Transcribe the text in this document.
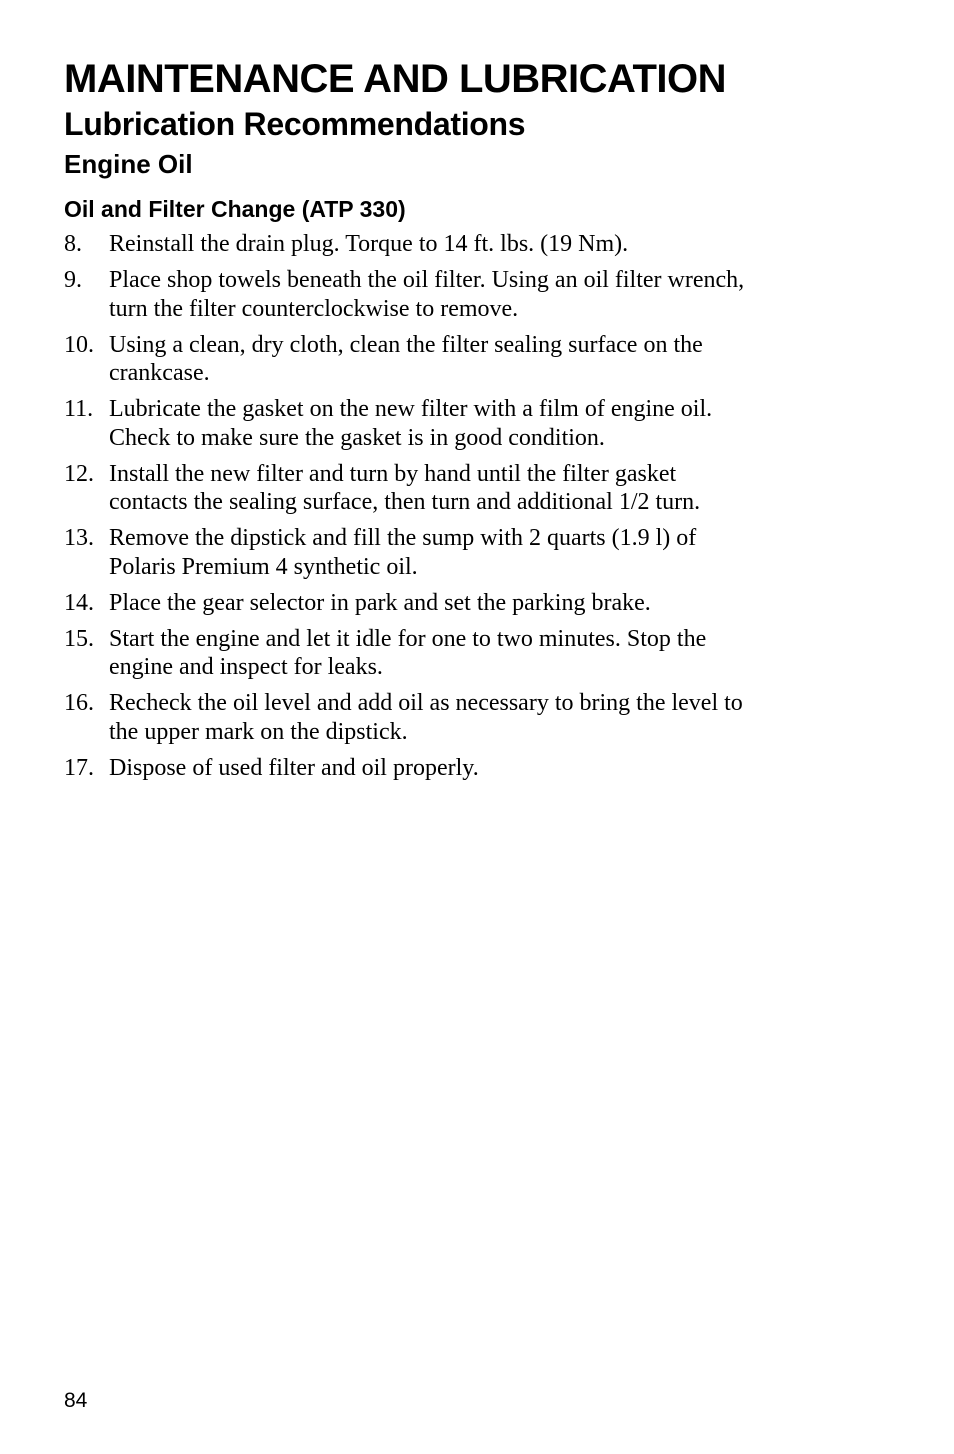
MAINTENANCE AND LUBRICATION
Lubrication Recommendations
Engine Oil
Oil and Filter Change (ATP 330)
8.	Reinstall the drain plug. Torque to 14 ft. lbs. (19 Nm).
9.	Place shop towels beneath the oil filter. Using an oil filter wrench,
turn the filter counterclockwise to remove.
10. Using a clean, dry cloth, clean the filter sealing surface on the
crankcase.
11. Lubricate the gasket on the new filter with a film of engine oil.
Check to make sure the gasket is in good condition.
12. Install the new filter and turn by hand until the filter gasket
contacts the sealing surface, then turn and additional 1/2 turn.
13. Remove the dipstick and fill the sump with 2 quarts (1.9 l) of
Polaris Premium 4 synthetic oil.
14. Place the gear selector in park and set the parking brake.
15. Start the engine and let it idle for one to two minutes. Stop the
engine and inspect for leaks.
16. Recheck the oil level and add oil as necessary to bring the level to
the upper mark on the dipstick.
17. Dispose of used filter and oil properly.
84
